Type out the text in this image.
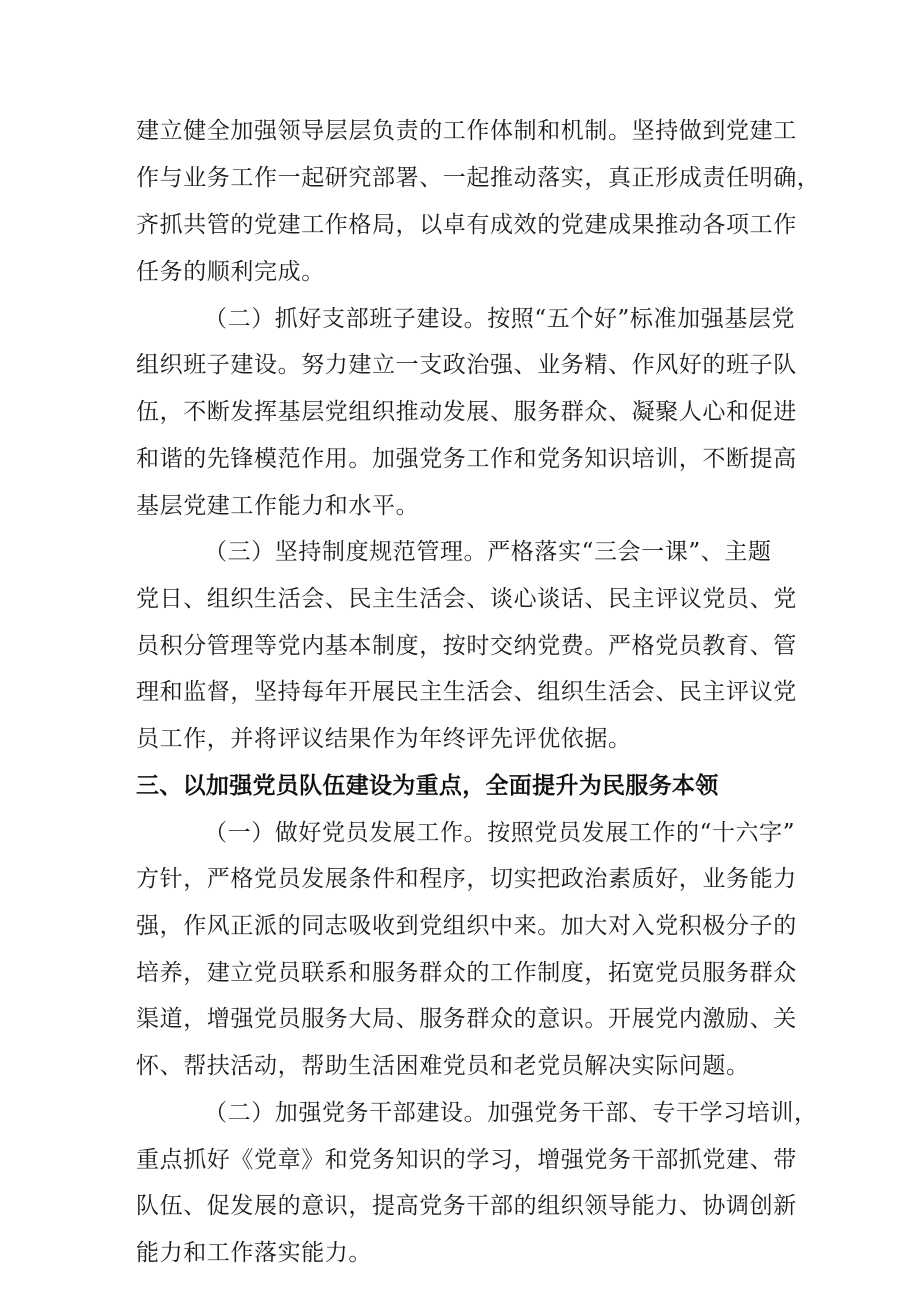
建立健全加强领导层层负责的工作体制和机制。坚持做到党建工
作与业务工作一起研究部署、一起推动落实，真正形成责任明确，
齐抓共管的党建工作格局，以卓有成效的党建成果推动各项工作
任务的顺利完成。
（二）抓好支部班子建设。按照“五个好”标准加强基层党
组织班子建设。努力建立一支政治强、业务精、作风好的班子队
伍，不断发挥基层党组织推动发展、服务群众、凝聚人心和促进
和谐的先锋模范作用。加强党务工作和党务知识培训，不断提高
基层党建工作能力和水平。
（三）坚持制度规范管理。严格落实“三会一课”、主题
党日、组织生活会、民主生活会、谈心谈话、民主评议党员、党
员积分管理等党内基本制度，按时交纳党费。严格党员教育、管
理和监督，坚持每年开展民主生活会、组织生活会、民主评议党
员工作，并将评议结果作为年终评先评优依据。
三、以加强党员队伍建设为重点，全面提升为民服务本领
（一）做好党员发展工作。按照党员发展工作的“十六字”
方针，严格党员发展条件和程序，切实把政治素质好，业务能力
强，作风正派的同志吸收到党组织中来。加大对入党积极分子的
培养，建立党员联系和服务群众的工作制度，拓宽党员服务群众
渠道，增强党员服务大局、服务群众的意识。开展党内激励、关
怀、帮扶活动，帮助生活困难党员和老党员解决实际问题。
（二）加强党务干部建设。加强党务干部、专干学习培训，
重点抓好《党章》和党务知识的学习，增强党务干部抓党建、带
队伍、促发展的意识，提高党务干部的组织领导能力、协调创新
能力和工作落实能力。
